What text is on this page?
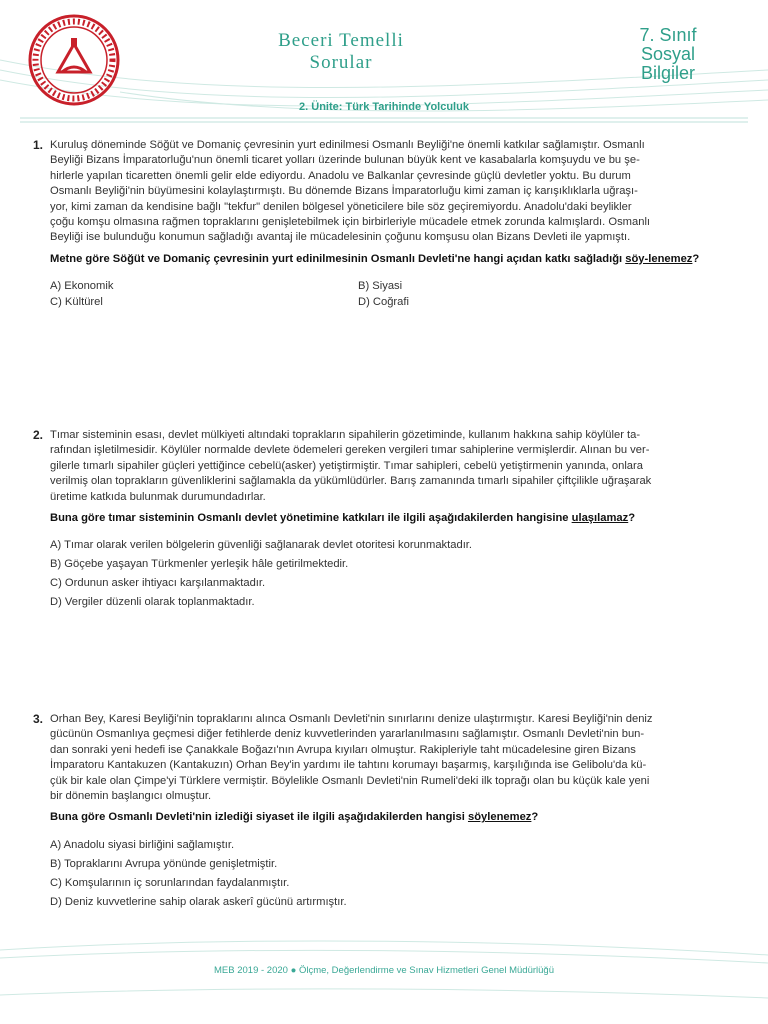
Beceri Temelli
Sorular
7. Sınıf
Sosyal
Bilgiler
2. Ünite: Türk Tarihinde Yolculuk
1. Kuruluş döneminde Söğüt ve Domaniç çevresinin yurt edinilmesi Osmanlı Beyliği'ne önemli katkılar sağlamıştır. Osmanlı
Beyliği Bizans İmparatorluğu'nun önemli ticaret yolları üzerinde bulunan büyük kent ve kasabalarla komşuydu ve bu şe-
hirlerle yapılan ticaretten önemli gelir elde ediyordu. Anadolu ve Balkanlar çevresinde güçlü devletler yoktu. Bu durum
Osmanlı Beyliği'nin büyümesini kolaylaştırmıştı. Bu dönemde Bizans İmparatorluğu kimi zaman iç karışıklıklarla uğraşı-
yor, kimi zaman da kendisine bağlı "tekfur" denilen bölgesel yöneticilere bile söz geçiremiyordu. Anadolu'daki beylikler
çoğu komşu olmasına rağmen topraklarını genişletebilmek için birbirleriyle mücadele etmek zorunda kalmışlardı. Osmanlı
Beyliği ise bulunduğu konumun sağladığı avantaj ile mücadelesinin çoğunu komşusu olan Bizans Devleti ile yapmıştı.
Metne göre Söğüt ve Domaniç çevresinin yurt edinilmesinin Osmanlı Devleti'ne hangi açıdan katkı sağladığı söy-lenemez?
A) Ekonomik	B) Siyasi
C) Kültürel	D) Coğrafi
2. Tımar sisteminin esası, devlet mülkiyeti altındaki toprakların sipahilerin gözetiminde, kullanım hakkına sahip köylüler ta-
rafından işletilmesidir. Köylüler normalde devlete ödemeleri gereken vergileri tımar sahiplerine vermişlerdir. Alınan bu ver-
gilerle tımarlı sipahiler güçleri yettiğince cebelü(asker) yetiştirmiştir. Tımar sahipleri, cebelü yetiştirmenin yanında, onlara
verilmiş olan toprakların güvenliklerini sağlamakla da yükümlüdürler. Barış zamanında tımarlı sipahiler çiftçilikle uğraşarak
üretime katkıda bulunmak durumundadırlar.
Buna göre tımar sisteminin Osmanlı devlet yönetimine katkıları ile ilgili aşağıdakilerden hangisine ulaşılamaz?
A) Tımar olarak verilen bölgelerin güvenliği sağlanarak devlet otoritesi korunmaktadır.
B) Göçebe yaşayan Türkmenler yerleşik hâle getirilmektedir.
C) Ordunun asker ihtiyacı karşılanmaktadır.
D) Vergiler düzenli olarak toplanmaktadır.
3. Orhan Bey, Karesi Beyliği'nin topraklarını alınca Osmanlı Devleti'nin sınırlarını denize ulaştırmıştır. Karesi Beyliği'nin deniz
gücünün Osmanlıya geçmesi diğer fetihlerde deniz kuvvetlerinden yararlanılmasını sağlamıştır. Osmanlı Devleti'nin bun-
dan sonraki yeni hedefi ise Çanakkale Boğazı'nın Avrupa kıyıları olmuştur. Rakipleriyle taht mücadelesine giren Bizans
İmparatoru Kantakuzen (Kantakuzın) Orhan Bey'in yardımı ile tahtını korumayı başarmış, karşılığında ise Gelibolu'da kü-
çük bir kale olan Çimpe'yi Türklere vermiştir. Böylelikle Osmanlı Devleti'nin Rumeli'deki ilk toprağı olan bu küçük kale yeni
bir dönemin başlangıcı olmuştur.
Buna göre Osmanlı Devleti'nin izlediği siyaset ile ilgili aşağıdakilerden hangisi söylenemez?
A) Anadolu siyasi birliğini sağlamıştır.
B) Topraklarını Avrupa yönünde genişletmiştir.
C) Komşularının iç sorunlarından faydalanmıştır.
D) Deniz kuvvetlerine sahip olarak askerî gücünü artırmıştır.
MEB 2019 - 2020 ● Ölçme, Değerlendirme ve Sınav Hizmetleri Genel Müdürlüğü
